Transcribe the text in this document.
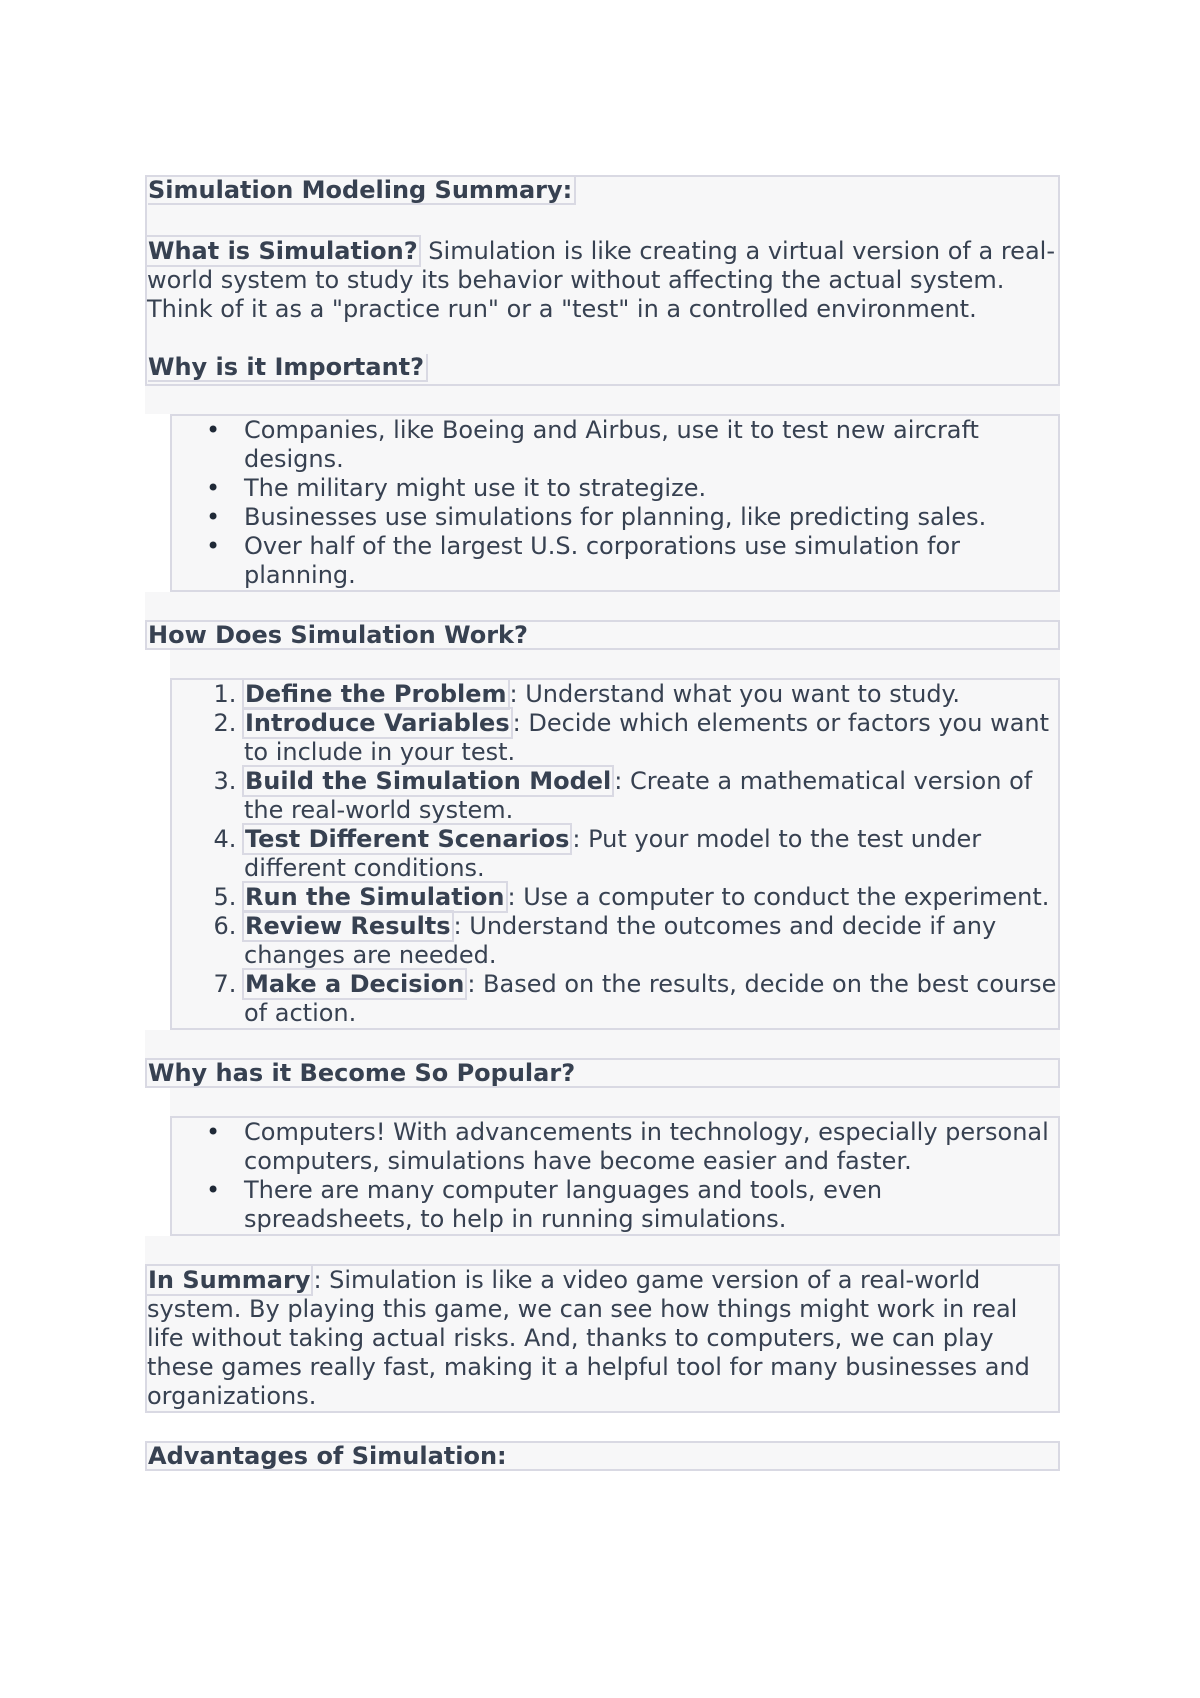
Simulation Modeling Summary:
What is Simulation? Simulation is like creating a virtual version of a real-world system to study its behavior without affecting the actual system. Think of it as a "practice run" or a "test" in a controlled environment.
Why is it Important?
• Companies, like Boeing and Airbus, use it to test new aircraft designs.
• The military might use it to strategize.
• Businesses use simulations for planning, like predicting sales.
• Over half of the largest U.S. corporations use simulation for planning.
How Does Simulation Work?
1. Define the Problem : Understand what you want to study.
2. Introduce Variables : Decide which elements or factors you want to include in your test.
3. Build the Simulation Model : Create a mathematical version of the real-world system.
4. Test Different Scenarios : Put your model to the test under different conditions.
5. Run the Simulation : Use a computer to conduct the experiment.
6. Review Results : Understand the outcomes and decide if any changes are needed.
7. Make a Decision : Based on the results, decide on the best course of action.
Why has it Become So Popular?
• Computers! With advancements in technology, especially personal computers, simulations have become easier and faster.
• There are many computer languages and tools, even spreadsheets, to help in running simulations.
In Summary : Simulation is like a video game version of a real-world system. By playing this game, we can see how things might work in real life without taking actual risks. And, thanks to computers, we can play these games really fast, making it a helpful tool for many businesses and organizations.
Advantages of Simulation:
